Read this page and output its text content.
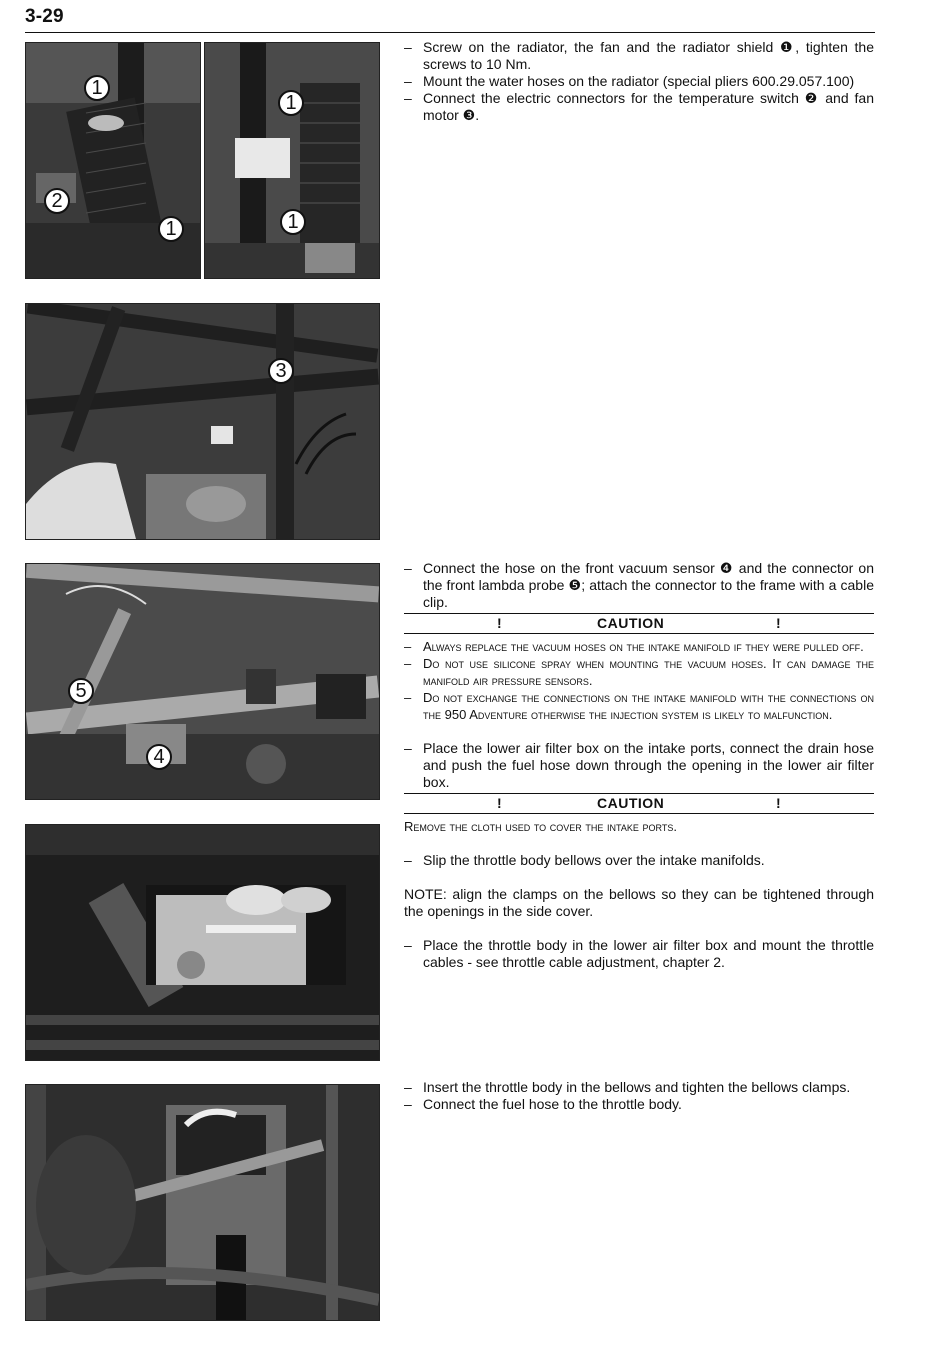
3-29
1
2
1
1
1
3
5
4
– Screw on the radiator, the fan and the radiator shield ❶, tighten the screws to 10 Nm.
– Mount the water hoses on the radiator (special pliers 600.29.057.100)
– Connect the electric connectors for the temperature switch ❷ and fan motor ❸.
– Connect the hose on the front vacuum sensor ❹ and the connector on the front lambda probe ❺; attach the connector to the frame with a cable clip.
!	CAUTION	!
– Always replace the vacuum hoses on the intake manifold if they were pulled off.
– Do not use silicone spray when mounting the vacuum hoses. It can damage the manifold air pressure sensors.
– Do not exchange the connections on the intake manifold with the connections on the 950 Adventure otherwise the injection system is likely to malfunction.
– Place the lower air filter box on the intake ports, connect the drain hose and push the fuel hose down through the opening in the lower air filter box.
!	CAUTION	!
Remove the cloth used to cover the intake ports.
– Slip the throttle body bellows over the intake manifolds.
NOTE: align the clamps on the bellows so they can be tightened through the openings in the side cover.
– Place the throttle body in the lower air filter box and mount the throttle cables - see throttle cable adjustment, chapter 2.
– Insert the throttle body in the bellows and tighten the bellows clamps.
– Connect the fuel hose to the throttle body.
